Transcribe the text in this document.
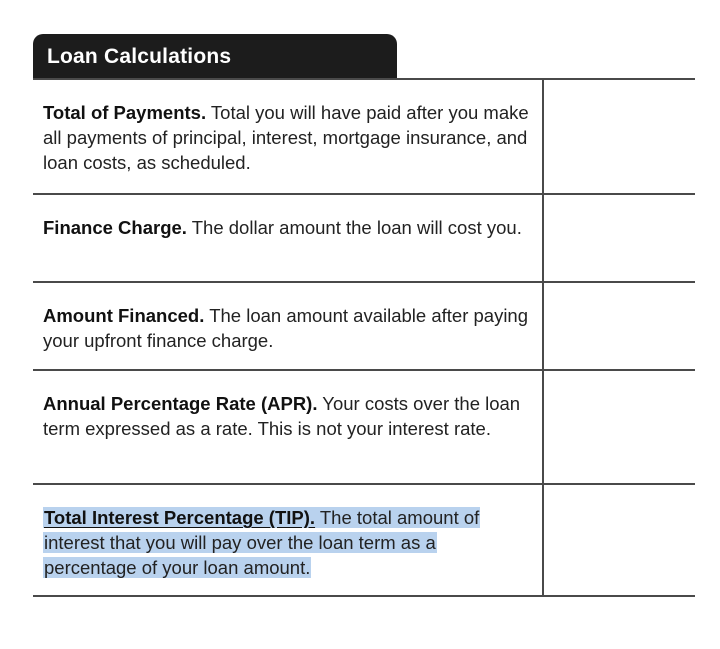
Loan Calculations
Total of Payments. Total you will have paid after you make all payments of principal, interest, mortgage insurance, and loan costs, as scheduled.
Finance Charge. The dollar amount the loan will cost you.
Amount Financed. The loan amount available after paying your upfront finance charge.
Annual Percentage Rate (APR). Your costs over the loan term expressed as a rate. This is not your interest rate.
Total Interest Percentage (TIP). The total amount of interest that you will pay over the loan term as a percentage of your loan amount.
